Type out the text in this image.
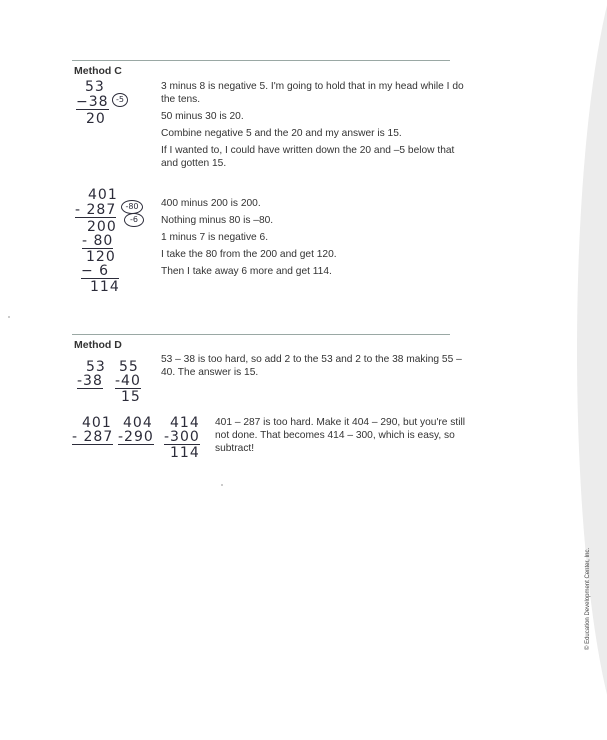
Method C
53
−38 -5
20

3 minus 8 is negative 5. I'm going to hold that in my head while I do the tens.

50 minus 30 is 20.

Combine negative 5 and the 20 and my answer is 15.

If I wanted to, I could have written down the 20 and –5 below that and gotten 15.

401
- 287	-80
-6
200
- 80
120
− 6
114

400 minus 200 is 200.

Nothing minus 80 is –80.

1 minus 7 is negative 6.

I take the 80 from the 200 and get 120.

Then I take away 6 more and get 114.

Method D
53
-38
55
-40
15

53 – 38 is too hard, so add 2 to the 53 and 2 to the 38 making 55 – 40. The answer is 15.

401
- 287
404
-290
414
-300
114

401 – 287 is too hard. Make it 404 – 290, but you're still not done. That becomes 414 – 300, which is easy, so subtract!

© Education Development Center, Inc.
